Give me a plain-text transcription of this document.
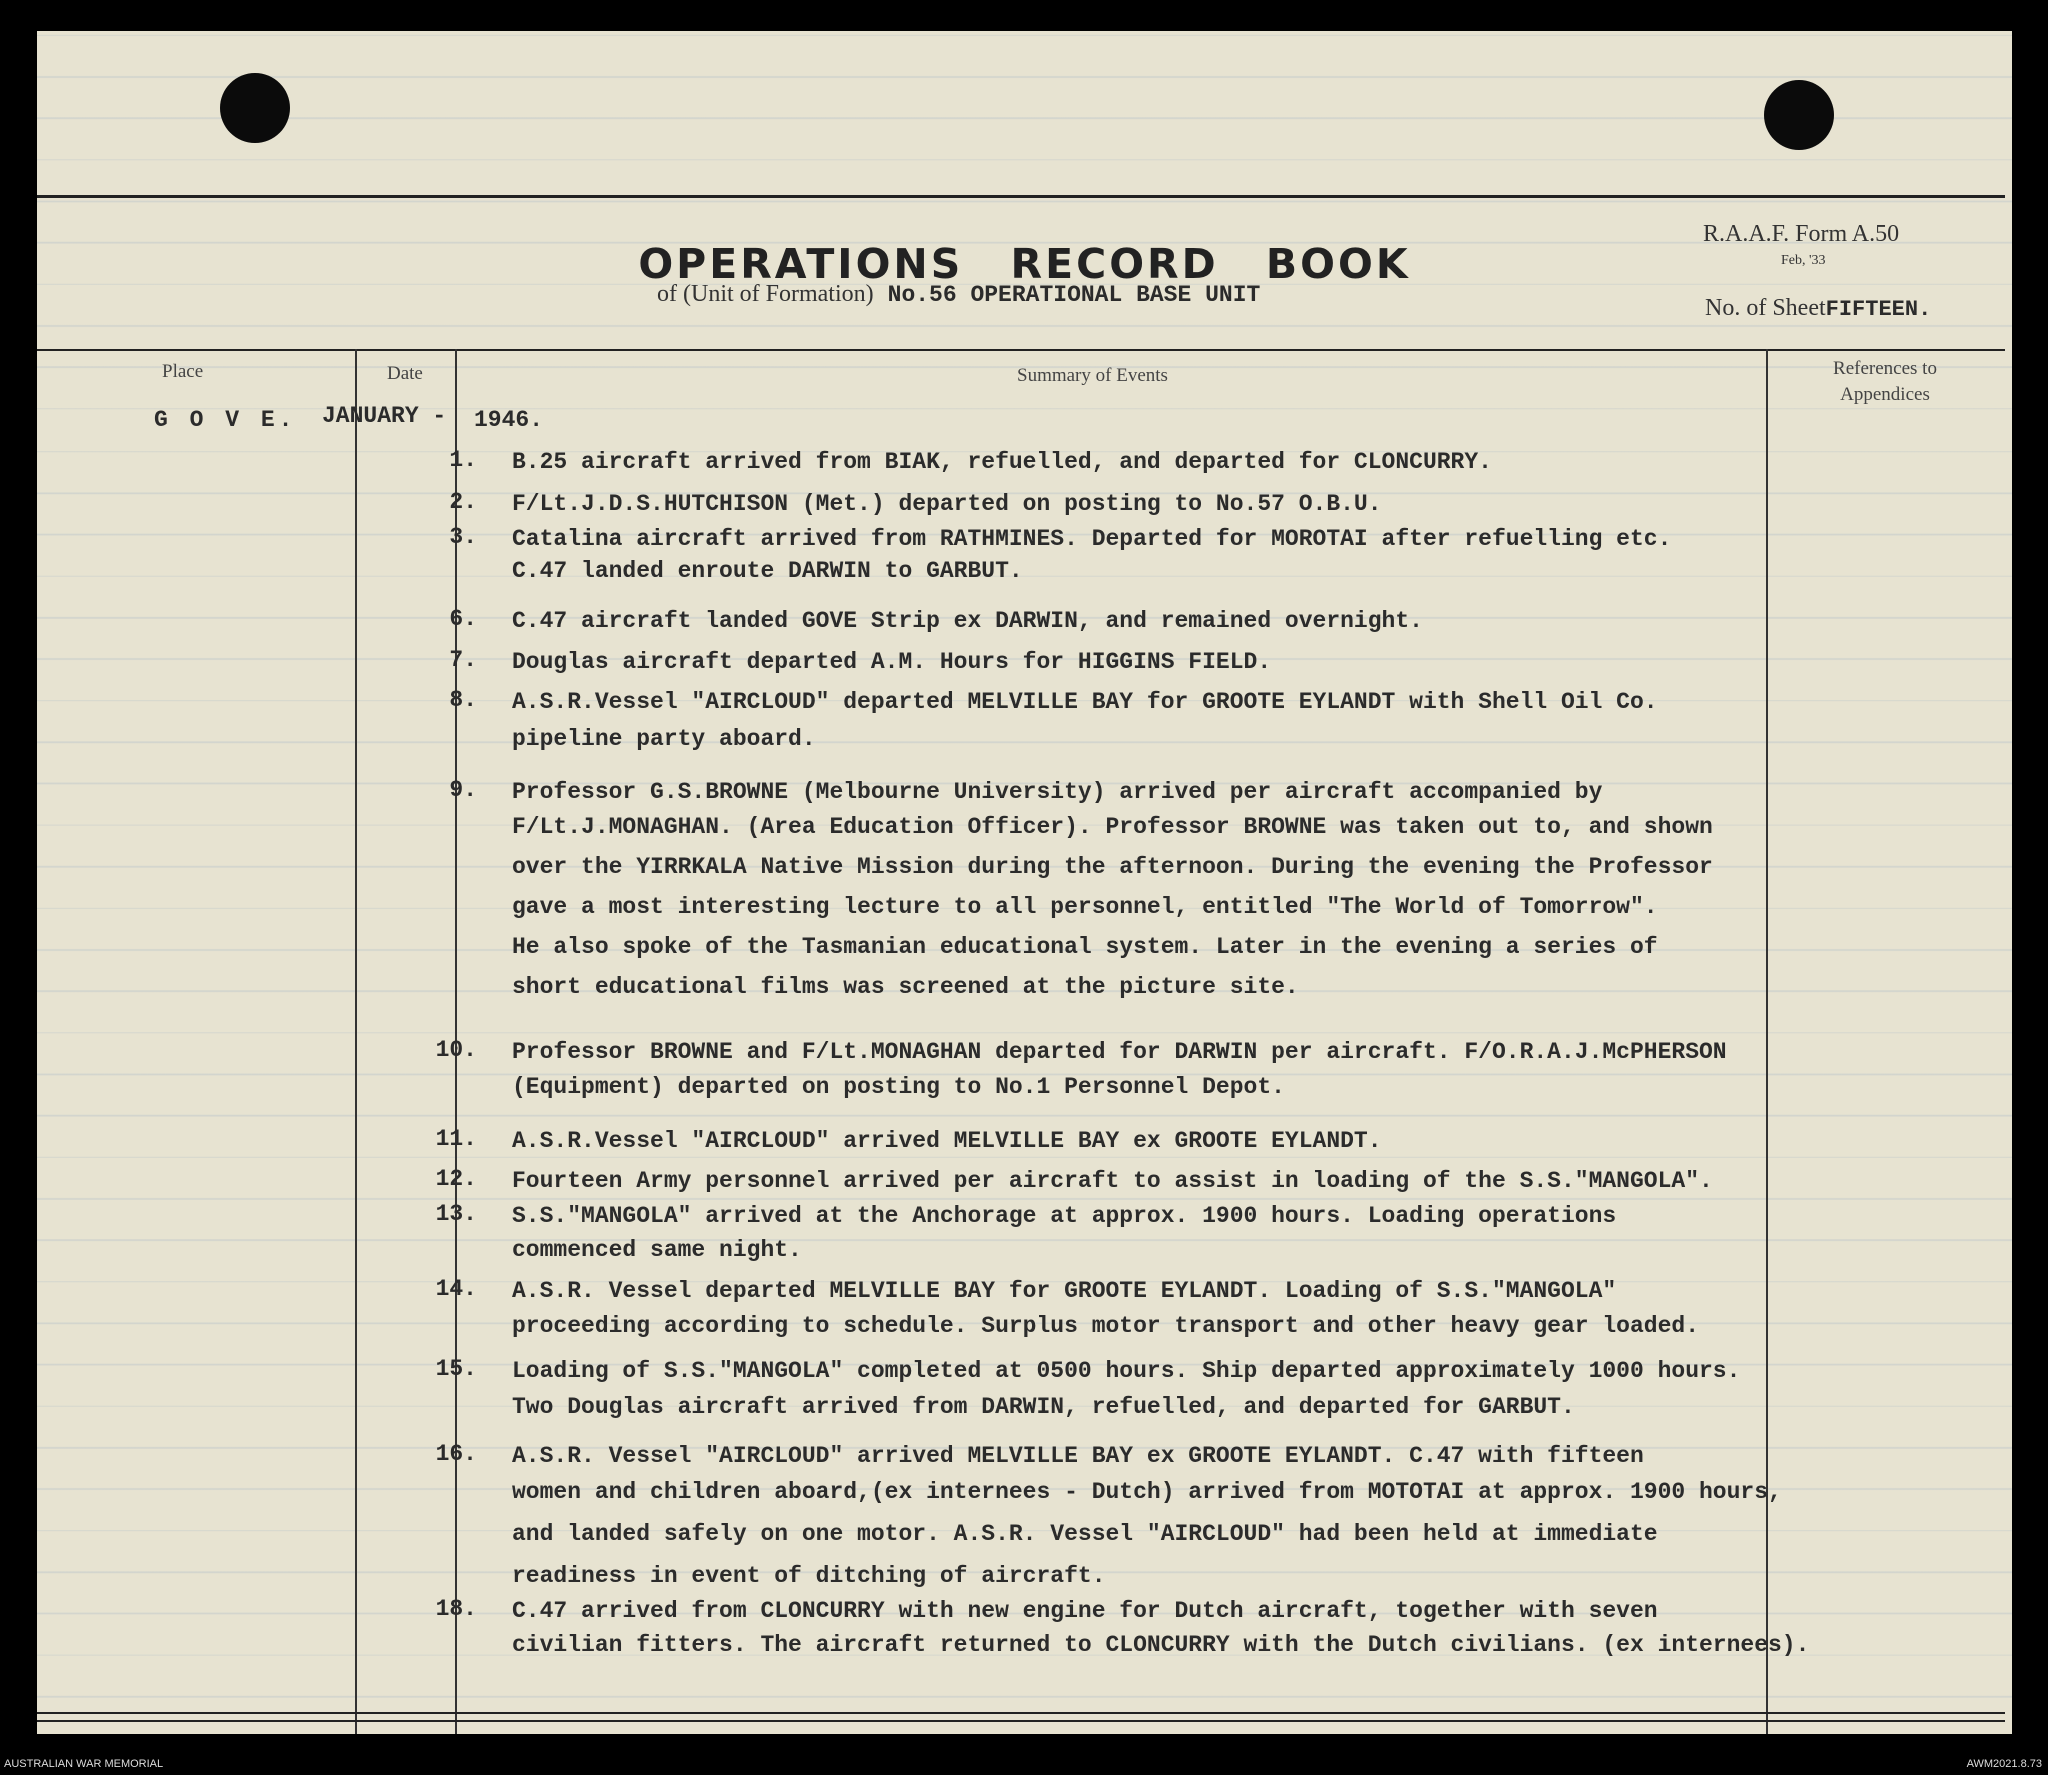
OPERATIONS RECORD BOOK
of (Unit of Formation) No.56 OPERATIONAL BASE UNIT
R.A.A.F. Form A.50
Feb, '33
No. of SheetFIFTEEN.
Place	Date	Summary of Events	References to
Appendices
G O V E. JANUARY - 1946.
1. B.25 aircraft arrived from BIAK, refuelled, and departed for CLONCURRY.
2. F/Lt.J.D.S.HUTCHISON (Met.) departed on posting to No.57 O.B.U.
3. Catalina aircraft arrived from RATHMINES. Departed for MOROTAI after refuelling etc.
C.47 landed enroute DARWIN to GARBUT.
6. C.47 aircraft landed GOVE Strip ex DARWIN, and remained overnight.
7. Douglas aircraft departed A.M. Hours for HIGGINS FIELD.
8. A.S.R.Vessel "AIRCLOUD" departed MELVILLE BAY for GROOTE EYLANDT with Shell Oil Co.
pipeline party aboard.
9. Professor G.S.BROWNE (Melbourne University) arrived per aircraft accompanied by
F/Lt.J.MONAGHAN. (Area Education Officer). Professor BROWNE was taken out to, and shown
over the YIRRKALA Native Mission during the afternoon. During the evening the Professor
gave a most interesting lecture to all personnel, entitled "The World of Tomorrow".
He also spoke of the Tasmanian educational system. Later in the evening a series of
short educational films was screened at the picture site.
10. Professor BROWNE and F/Lt.MONAGHAN departed for DARWIN per aircraft. F/O.R.A.J.McPHERSON
(Equipment) departed on posting to No.1 Personnel Depot.
11. A.S.R.Vessel "AIRCLOUD" arrived MELVILLE BAY ex GROOTE EYLANDT.
12. Fourteen Army personnel arrived per aircraft to assist in loading of the S.S."MANGOLA".
13. S.S."MANGOLA" arrived at the Anchorage at approx. 1900 hours. Loading operations
commenced same night.
14. A.S.R. Vessel departed MELVILLE BAY for GROOTE EYLANDT. Loading of S.S."MANGOLA"
proceeding according to schedule. Surplus motor transport and other heavy gear loaded.
15. Loading of S.S."MANGOLA" completed at 0500 hours. Ship departed approximately 1000 hours.
Two Douglas aircraft arrived from DARWIN, refuelled, and departed for GARBUT.
16. A.S.R. Vessel "AIRCLOUD" arrived MELVILLE BAY ex GROOTE EYLANDT. C.47 with fifteen
women and children aboard,(ex internees - Dutch) arrived from MOTOTAI at approx. 1900 hours,
and landed safely on one motor. A.S.R. Vessel "AIRCLOUD" had been held at immediate
readiness in event of ditching of aircraft.
18. C.47 arrived from CLONCURRY with new engine for Dutch aircraft, together with seven
civilian fitters. The aircraft returned to CLONCURRY with the Dutch civilians. (ex internees).
AUSTRALIAN WAR MEMORIAL	AWM2021.8.73
